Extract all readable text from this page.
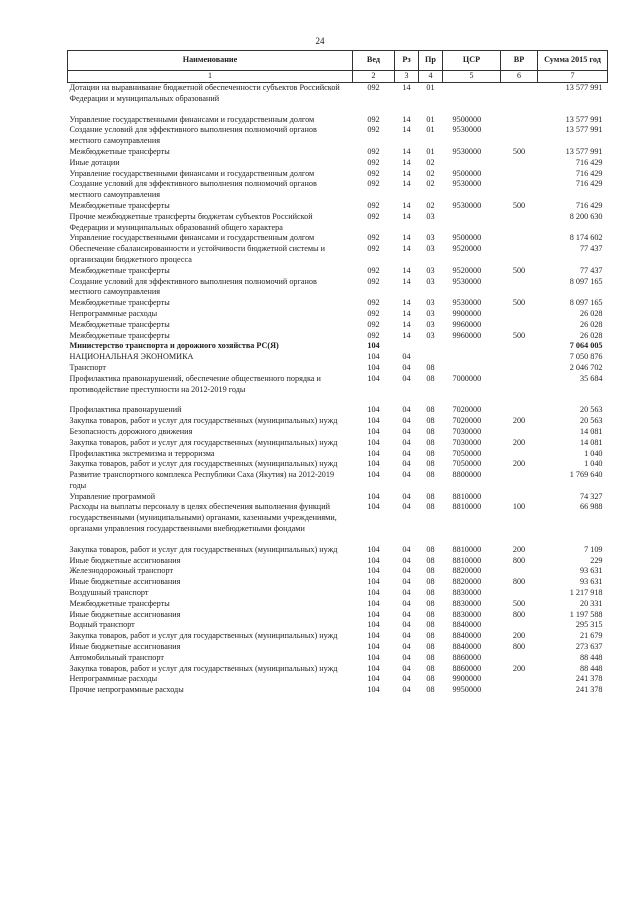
24
Наименование	Вед	Рз	Пр	ЦСР	ВР	Сумма 2015 год
1	2	3	4	5	6	7
Дотации на выравнивание бюджетной обеспеченности субъектов Российской Федерации и муниципальных образований	092	14	01			13 577 991

Управление государственными финансами и государственным долгом	092	14	01	9500000		13 577 991
Создание условий для эффективного выполнения полномочий органов местного самоуправления	092	14	01	9530000		13 577 991
Межбюджетные трансферты	092	14	01	9530000	500	13 577 991
Иные дотации	092	14	02			716 429
Управление государственными финансами и государственным долгом	092	14	02	9500000		716 429
Создание условий для эффективного выполнения полномочий органов местного самоуправления	092	14	02	9530000		716 429
Межбюджетные трансферты	092	14	02	9530000	500	716 429
Прочие межбюджетные трансферты бюджетам субъектов Российской Федерации и муниципальных образований общего характера	092	14	03			8 200 630
Управление государственными финансами и государственным долгом	092	14	03	9500000		8 174 602
Обеспечение сбалансированности и устойчивости бюджетной системы и организации бюджетного процесса	092	14	03	9520000		77 437
Межбюджетные трансферты	092	14	03	9520000	500	77 437
Создание условий для эффективного выполнения полномочий органов местного самоуправления	092	14	03	9530000		8 097 165
Межбюджетные трансферты	092	14	03	9530000	500	8 097 165
Непрограммные расходы	092	14	03	9900000		26 028
Межбюджетные трансферты	092	14	03	9960000		26 028
Межбюджетные трансферты	092	14	03	9960000	500	26 028
Министерство транспорта и дорожного хозяйства РС(Я)	104					7 064 005
НАЦИОНАЛЬНАЯ ЭКОНОМИКА	104	04				7 050 876
Транспорт	104	04	08			2 046 702
Профилактика правонарушений, обеспечение общественного порядка и противодействие преступности на 2012-2019 годы	104	04	08	7000000		35 684

Профилактика правонарушений	104	04	08	7020000		20 563
Закупка товаров, работ и услуг для государственных (муниципальных) нужд	104	04	08	7020000	200	20 563
Безопасность дорожного движения	104	04	08	7030000		14 081
Закупка товаров, работ и услуг для государственных (муниципальных) нужд	104	04	08	7030000	200	14 081
Профилактика экстремизма и терроризма	104	04	08	7050000		1 040
Закупка товаров, работ и услуг для государственных (муниципальных) нужд	104	04	08	7050000	200	1 040
Развитие транспортного комплекса Республики Саха (Якутия) на 2012-2019 годы	104	04	08	8800000		1 769 640
Управление программой	104	04	08	8810000		74 327
Расходы на выплаты персоналу в целях обеспечения выполнения функций государственными (муниципальными) органами, казенными учреждениями, органами управления государственными внебюджетными фондами	104	04	08	8810000	100	66 988

Закупка товаров, работ и услуг для государственных (муниципальных) нужд	104	04	08	8810000	200	7 109
Иные бюджетные ассигнования	104	04	08	8810000	800	229
Железнодорожный транспорт	104	04	08	8820000		93 631
Иные бюджетные ассигнования	104	04	08	8820000	800	93 631
Воздушный транспорт	104	04	08	8830000		1 217 918
Межбюджетные трансферты	104	04	08	8830000	500	20 331
Иные бюджетные ассигнования	104	04	08	8830000	800	1 197 588
Водный транспорт	104	04	08	8840000		295 315
Закупка товаров, работ и услуг для государственных (муниципальных) нужд	104	04	08	8840000	200	21 679
Иные бюджетные ассигнования	104	04	08	8840000	800	273 637
Автомобильный транспорт	104	04	08	8860000		88 448
Закупка товаров, работ и услуг для государственных (муниципальных) нужд	104	04	08	8860000	200	88 448
Непрограммные расходы	104	04	08	9900000		241 378
Прочие непрограммные расходы	104	04	08	9950000		241 378
